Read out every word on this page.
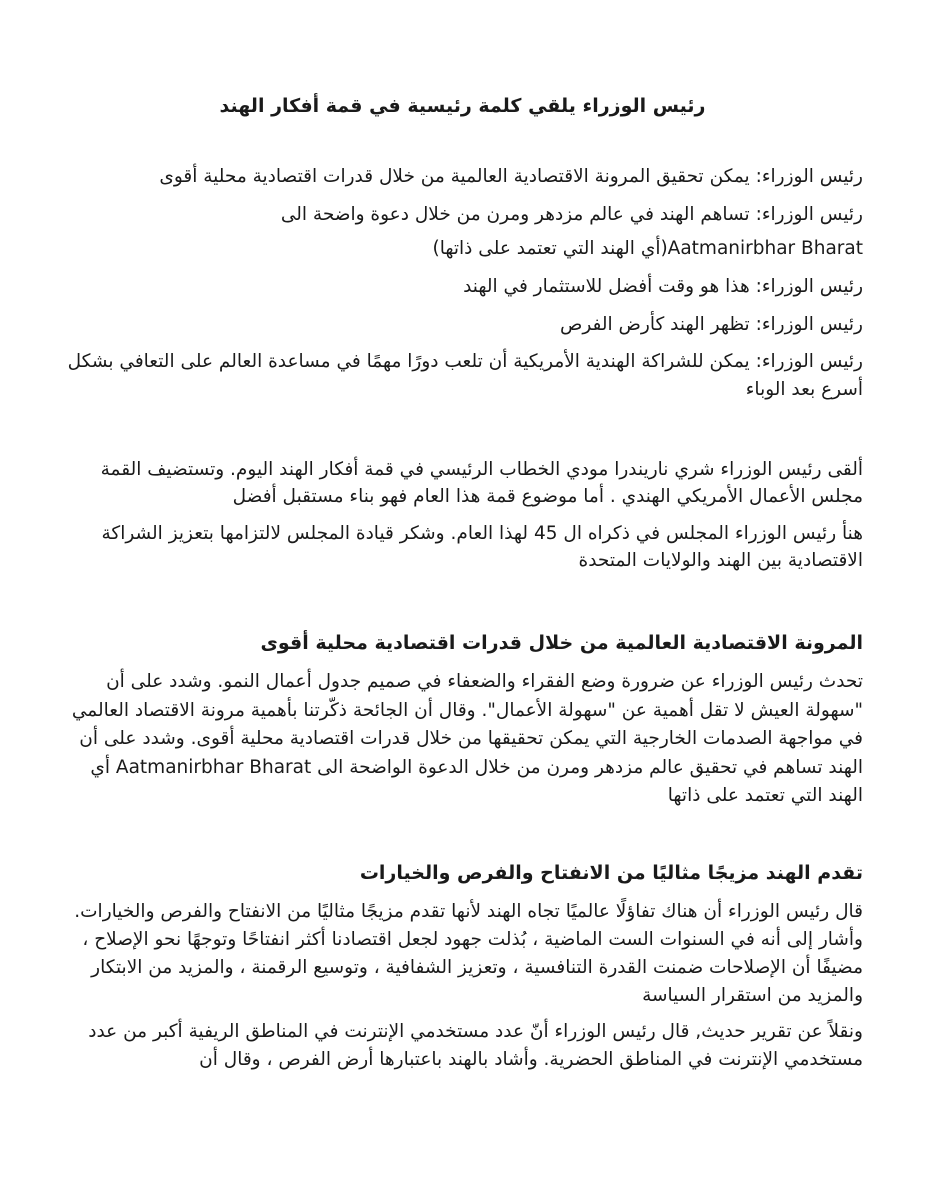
رئيس الوزراء يلقي كلمة رئيسية في قمة أفكار الهند
رئيس الوزراء: يمكن تحقيق المرونة الاقتصادية العالمية من خلال قدرات اقتصادية محلية أقوى
رئيس الوزراء: تساهم الهند في عالم مزدهر ومرن من خلال دعوة واضحة الى
Aatmanirbhar Bharat(أي الهند التي تعتمد على ذاتها)
رئيس الوزراء: هذا هو وقت أفضل للاستثمار في الهند
رئيس الوزراء: تظهر الهند كأرض الفرص
رئيس الوزراء: يمكن للشراكة الهندية الأمريكية أن تلعب دورًا مهمًا في مساعدة العالم على التعافي بشكل أسرع بعد الوباء

ألقى رئيس الوزراء شري ناريندرا مودي الخطاب الرئيسي في قمة أفكار الهند اليوم. وتستضيف القمة مجلس الأعمال الأمريكي الهندي . أما موضوع قمة هذا العام فهو بناء مستقبل أفضل

هنأ رئيس الوزراء المجلس في ذكراه ال 45 لهذا العام. وشكر قيادة المجلس لالتزامها بتعزيز الشراكة الاقتصادية بين الهند والولايات المتحدة

المرونة الاقتصادية العالمية من خلال قدرات اقتصادية محلية أقوى

تحدث رئيس الوزراء عن ضرورة وضع الفقراء والضعفاء في صميم جدول أعمال النمو. وشدد على أن "سهولة العيش لا تقل أهمية عن "سهولة الأعمال". وقال أن الجائحة ذكّرتنا بأهمية مرونة الاقتصاد العالمي في مواجهة الصدمات الخارجية التي يمكن تحقيقها من خلال قدرات اقتصادية محلية أقوى. وشدد على أن الهند تساهم في تحقيق عالم مزدهر ومرن من خلال الدعوة الواضحة الى Aatmanirbhar Bharat أي الهند التي تعتمد على ذاتها

تقدم الهند مزيجًا مثاليًا من الانفتاح والفرص والخيارات

قال رئيس الوزراء أن هناك تفاؤلًا عالميًا تجاه الهند لأنها تقدم مزيجًا مثاليًا من الانفتاح والفرص والخيارات. وأشار إلى أنه في السنوات الست الماضية ، بُذلت جهود لجعل اقتصادنا أكثر انفتاحًا وتوجهًا نحو الإصلاح ، مضيفًا أن الإصلاحات ضمنت القدرة التنافسية ، وتعزيز الشفافية ، وتوسيع الرقمنة ، والمزيد من الابتكار والمزيد من استقرار السياسة

ونقلاً عن تقرير حديث, قال رئيس الوزراء أنّ عدد مستخدمي الإنترنت في المناطق الريفية أكبر من عدد مستخدمي الإنترنت في المناطق الحضرية. وأشاد بالهند باعتبارها أرض الفرص ، وقال أن
